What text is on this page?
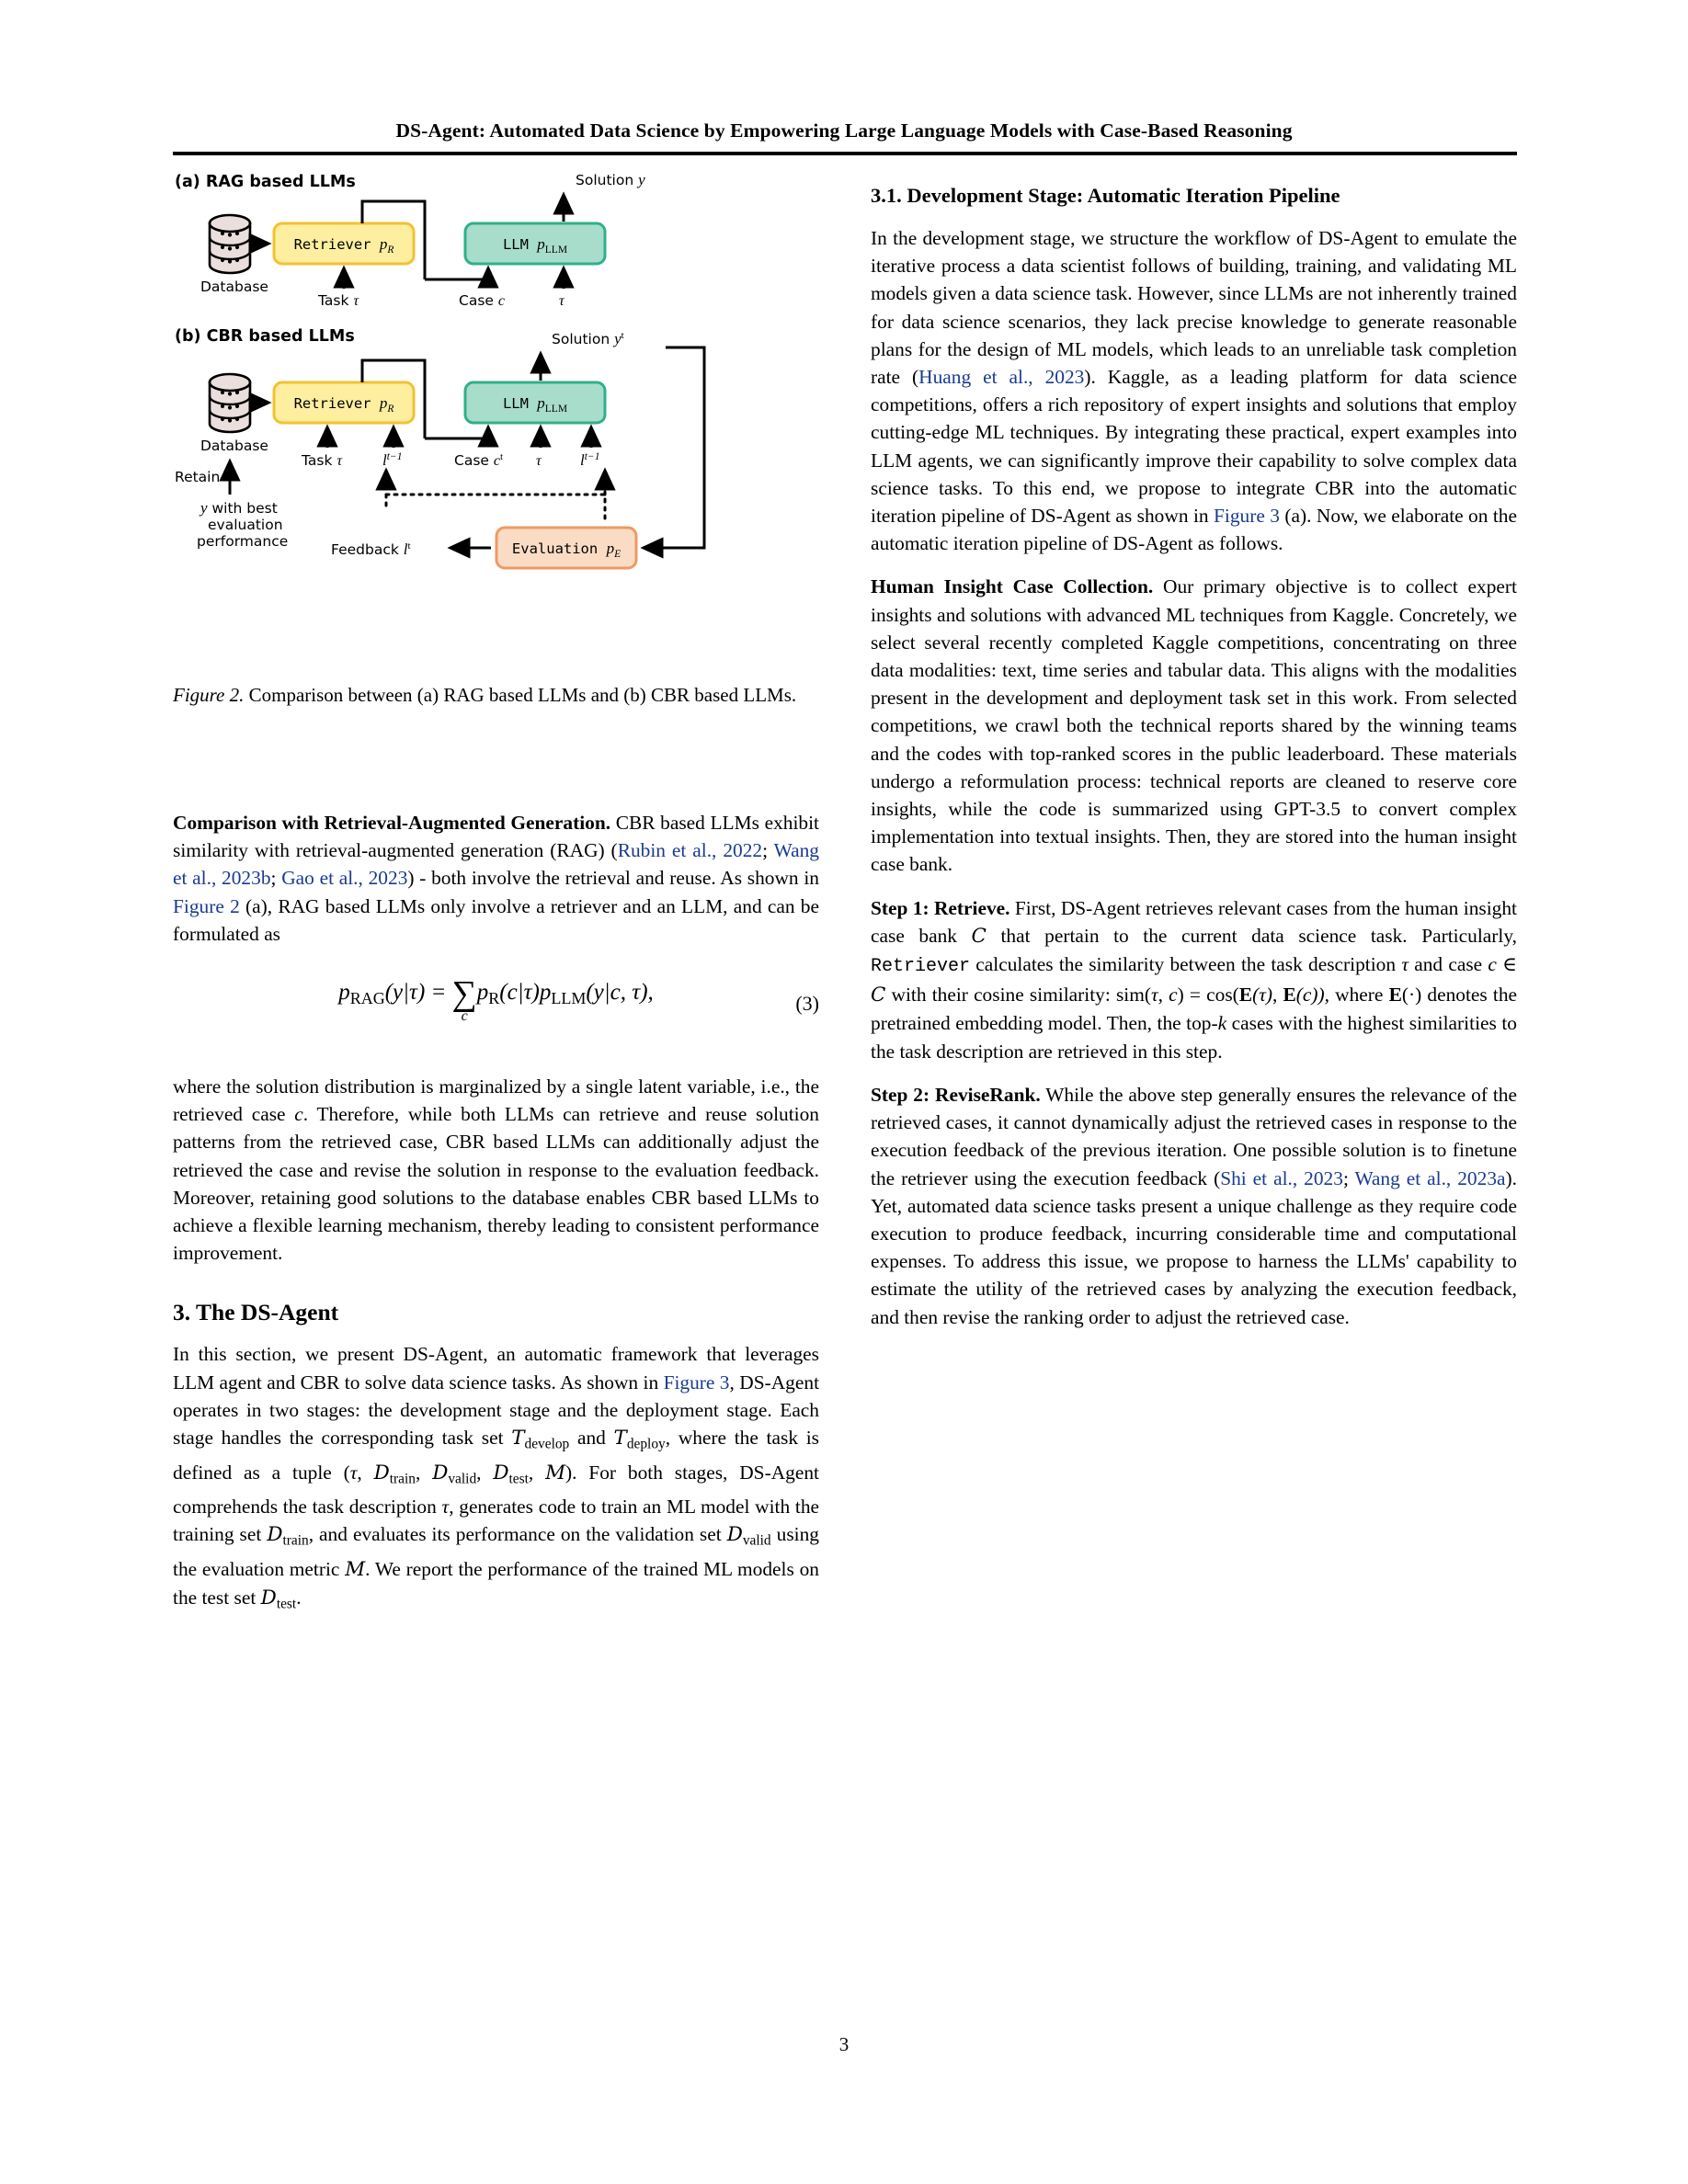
DS-Agent: Automated Data Science by Empowering Large Language Models with Case-Based Reasoning
(a) RAG based LLMs
Database
Retriever $p_R$	LLM $p_{LLM}$
Solution y
Task τ	Case c	τ
(b) CBR based LLMs
Database
Retain
y with best
evaluation
performance
Retriever $p_R$	LLM $p_{LLM}$
Evaluation $p_E$
Solution $y^t$
Feedback $l^t$
Task τ	$l^{t-1}$	Case $c^t$ τ $l^{t-1}$
Figure 2. Comparison between (a) RAG based LLMs and (b) CBR based LLMs.

Comparison with Retrieval-Augmented Generation. CBR based LLMs exhibit similarity with retrieval-augmented generation (RAG) (Rubin et al., 2022; Wang et al., 2023b; Gao et al., 2023) - both involve the retrieval and reuse. As shown in Figure 2 (a), RAG based LLMs only involve a retriever and an LLM, and can be formulated as

$p_{RAG}(y|\tau)$ = ∑
c
$p_R(c|\tau)p_{LLM}(y|c$, τ),	(3)

where the solution distribution is marginalized by a single latent variable, i.e., the retrieved case c. Therefore, while both LLMs can retrieve and reuse solution patterns from the retrieved case, CBR based LLMs can additionally adjust the retrieved the case and revise the solution in response to the evaluation feedback. Moreover, retaining good solutions to the database enables CBR based LLMs to achieve a flexible learning mechanism, thereby leading to consistent performance improvement.

3. The DS-Agent

In this section, we present DS-Agent, an automatic framework that leverages LLM agent and CBR to solve data science tasks. As shown in Figure 3, DS-Agent operates in two stages: the development stage and the deployment stage. Each stage handles the corresponding task set $T_{develop}$ and $T_{deploy}$, where the task is defined as a tuple (τ, $D_{train}$, $D_{valid}$, $D_{test}$, M). For both stages, DS-Agent comprehends the task description τ, generates code to train an ML model with the training set $D_{train}$, and evaluates its performance on the validation set $D_{valid}$ using the evaluation metric M. We report the performance of the trained ML models on the test set $D_{test}$.

3.1. Development Stage: Automatic Iteration Pipeline

In the development stage, we structure the workflow of DS-Agent to emulate the iterative process a data scientist follows of building, training, and validating ML models given a data science task. However, since LLMs are not inherently trained for data science scenarios, they lack precise knowledge to generate reasonable plans for the design of ML models, which leads to an unreliable task completion rate (Huang et al., 2023). Kaggle, as a leading platform for data science competitions, offers a rich repository of expert insights and solutions that employ cutting-edge ML techniques. By integrating these practical, expert examples into LLM agents, we can significantly improve their capability to solve complex data science tasks. To this end, we propose to integrate CBR into the automatic iteration pipeline of DS-Agent as shown in Figure 3 (a). Now, we elaborate on the automatic iteration pipeline of DS-Agent as follows.

Human Insight Case Collection. Our primary objective is to collect expert insights and solutions with advanced ML techniques from Kaggle. Concretely, we select several recently completed Kaggle competitions, concentrating on three data modalities: text, time series and tabular data. This aligns with the modalities present in the development and deployment task set in this work. From selected competitions, we crawl both the technical reports shared by the winning teams and the codes with top-ranked scores in the public leaderboard. These materials undergo a reformulation process: technical reports are cleaned to reserve core insights, while the code is summarized using GPT-3.5 to convert complex implementation into textual insights. Then, they are stored into the human insight case bank.

Step 1: Retrieve. First, DS-Agent retrieves relevant cases from the human insight case bank C that pertain to the current data science task. Particularly, Retriever calculates the similarity between the task description τ and case c ∈ C with their cosine similarity: sim(τ, c) = cos(E(τ), E(c)), where E(·) denotes the pretrained embedding model. Then, the top-k cases with the highest similarities to the task description are retrieved in this step.

Step 2: ReviseRank. While the above step generally ensures the relevance of the retrieved cases, it cannot dynamically adjust the retrieved cases in response to the execution feedback of the previous iteration. One possible solution is to finetune the retriever using the execution feedback (Shi et al., 2023; Wang et al., 2023a). Yet, automated data science tasks present a unique challenge as they require code execution to produce feedback, incurring considerable time and computational expenses. To address this issue, we propose to harness the LLMs' capability to estimate the utility of the retrieved cases by analyzing the execution feedback, and then revise the ranking order to adjust the retrieved case.

3
